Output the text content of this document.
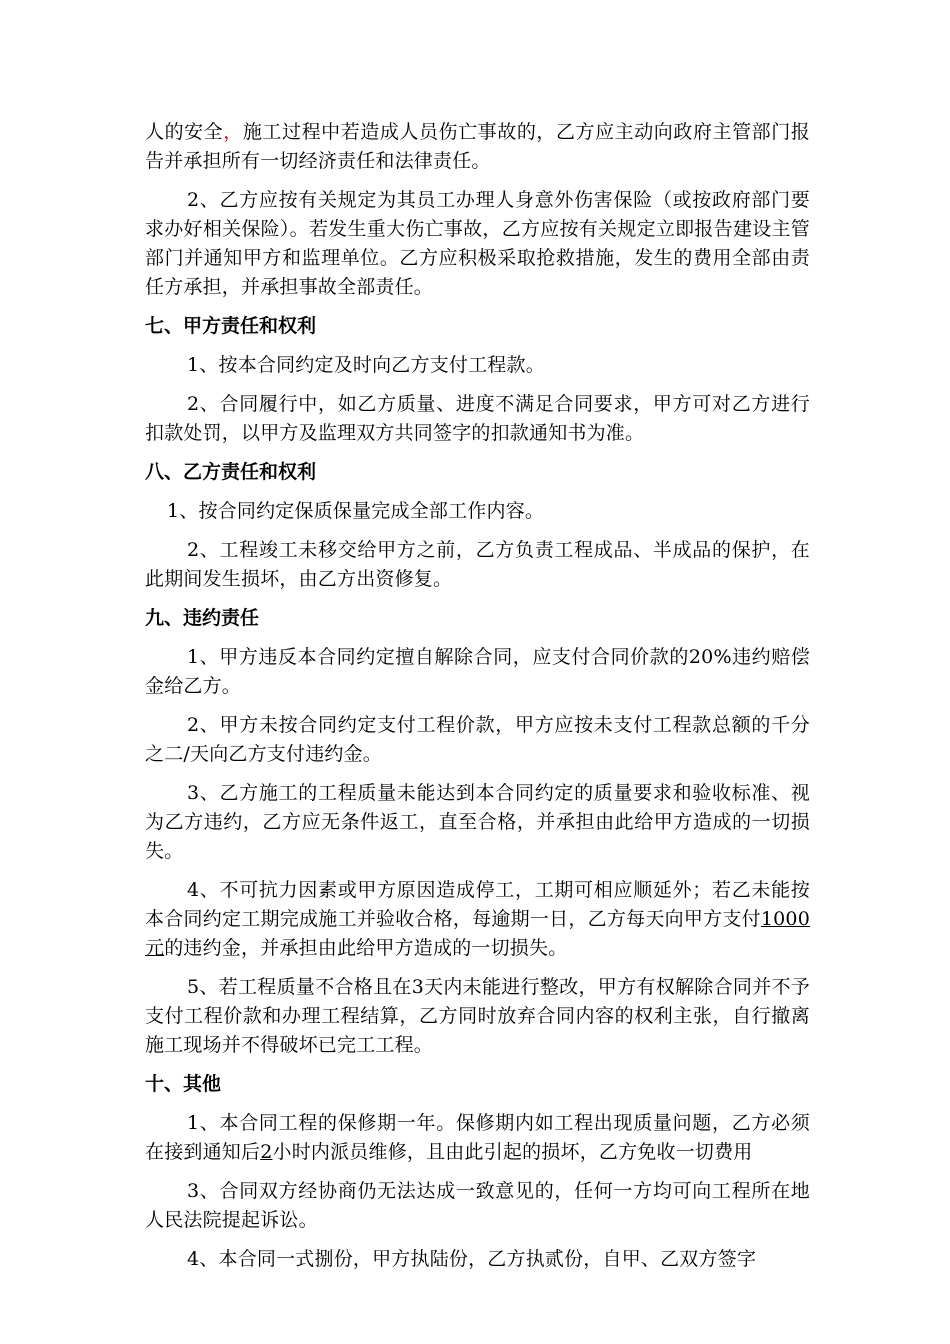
人的安全，施工过程中若造成人员伤亡事故的，乙方应主动向政府主管部门报告并承担所有一切经济责任和法律责任。

2、乙方应按有关规定为其员工办理人身意外伤害保险（或按政府部门要求办好相关保险）。若发生重大伤亡事故，乙方应按有关规定立即报告建设主管部门并通知甲方和监理单位。乙方应积极采取抢救措施，发生的费用全部由责任方承担，并承担事故全部责任。

七、甲方责任和权利

1、按本合同约定及时向乙方支付工程款。

2、合同履行中，如乙方质量、进度不满足合同要求，甲方可对乙方进行扣款处罚，以甲方及监理双方共同签字的扣款通知书为准。

八、乙方责任和权利

1、按合同约定保质保量完成全部工作内容。

2、工程竣工未移交给甲方之前，乙方负责工程成品、半成品的保护，在此期间发生损坏，由乙方出资修复。

九、违约责任

1、甲方违反本合同约定擅自解除合同，应支付合同价款的20%违约赔偿金给乙方。

2、甲方未按合同约定支付工程价款，甲方应按未支付工程款总额的千分之二/天向乙方支付违约金。

3、乙方施工的工程质量未能达到本合同约定的质量要求和验收标准、视为乙方违约，乙方应无条件返工，直至合格，并承担由此给甲方造成的一切损失。

4、不可抗力因素或甲方原因造成停工，工期可相应顺延外；若乙未能按本合同约定工期完成施工并验收合格，每逾期一日，乙方每天向甲方支付1000元的违约金，并承担由此给甲方造成的一切损失。

5、若工程质量不合格且在3天内未能进行整改，甲方有权解除合同并不予支付工程价款和办理工程结算，乙方同时放弃合同内容的权利主张，自行撤离施工现场并不得破坏已完工工程。

十、其他

1、本合同工程的保修期一年。保修期内如工程出现质量问题，乙方必须在接到通知后2小时内派员维修，且由此引起的损坏，乙方免收一切费用

3、合同双方经协商仍无法达成一致意见的，任何一方均可向工程所在地人民法院提起诉讼。

4、本合同一式捌份，甲方执陆份，乙方执贰份，自甲、乙双方签字
